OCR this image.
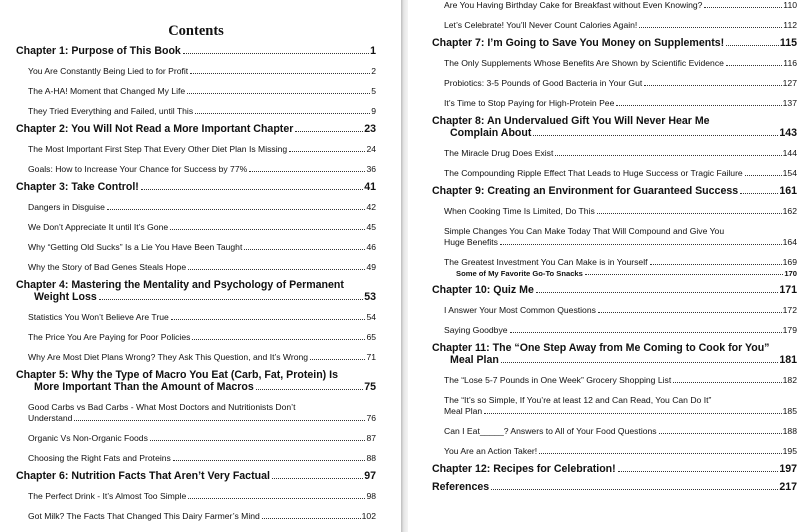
Contents
Chapter 1: Purpose of This Book	1
You Are Constantly Being Lied to for Profit	2
The A-HA! Moment that Changed My Life	5
They Tried Everything and Failed, until This	9
Chapter 2: You Will Not Read a More Important Chapter	23
The Most Important First Step That Every Other Diet Plan Is Missing	24
Goals: How to Increase Your Chance for Success by 77%	36
Chapter 3: Take Control!	41
Dangers in Disguise	42
We Don’t Appreciate It until It’s Gone	45
Why “Getting Old Sucks” Is a Lie You Have Been Taught	46
Why the Story of Bad Genes Steals Hope	49
Chapter 4: Mastering the Mentality and Psychology of Permanent
Weight Loss	53
Statistics You Won’t Believe Are True	54
The Price You Are Paying for Poor Policies	65
Why Are Most Diet Plans Wrong? They Ask This Question, and It’s Wrong	71
Chapter 5: Why the Type of Macro You Eat (Carb, Fat, Protein) Is
More Important Than the Amount of Macros	75
Good Carbs vs Bad Carbs - What Most Doctors and Nutritionists Don’t
Understand	76
Organic Vs Non-Organic Foods	87
Choosing the Right Fats and Proteins	88
Chapter 6: Nutrition Facts That Aren’t Very Factual	97
The Perfect Drink - It’s Almost Too Simple	98
Got Milk? The Facts That Changed This Dairy Farmer’s Mind	102
Are You Having Birthday Cake for Breakfast without Even Knowing?	110
Let’s Celebrate! You’ll Never Count Calories Again!	112
Chapter 7: I’m Going to Save You Money on Supplements!	115
The Only Supplements Whose Benefits Are Shown by Scientific Evidence	116
Probiotics: 3-5 Pounds of Good Bacteria in Your Gut	127
It’s Time to Stop Paying for High-Protein Pee	137
Chapter 8: An Undervalued Gift You Will Never Hear Me
Complain About	143
The Miracle Drug Does Exist	144
The Compounding Ripple Effect That Leads to Huge Success or Tragic Failure	154
Chapter 9: Creating an Environment for Guaranteed Success	161
When Cooking Time Is Limited, Do This	162
Simple Changes You Can Make Today That Will Compound and Give You
Huge Benefits	164
The Greatest Investment You Can Make is in Yourself	169
Some of My Favorite Go-To Snacks	170
Chapter 10: Quiz Me	171
I Answer Your Most Common Questions	172
Saying Goodbye	179
Chapter 11: The “One Step Away from Me Coming to Cook for You”
Meal Plan	181
The “Lose 5-7 Pounds in One Week” Grocery Shopping List	182
The “It’s so Simple, If You’re at least 12 and Can Read, You Can Do It”
Meal Plan	185
Can I Eat_____? Answers to All of Your Food Questions	188
You Are an Action Taker!	195
Chapter 12: Recipes for Celebration!	197
References	217
